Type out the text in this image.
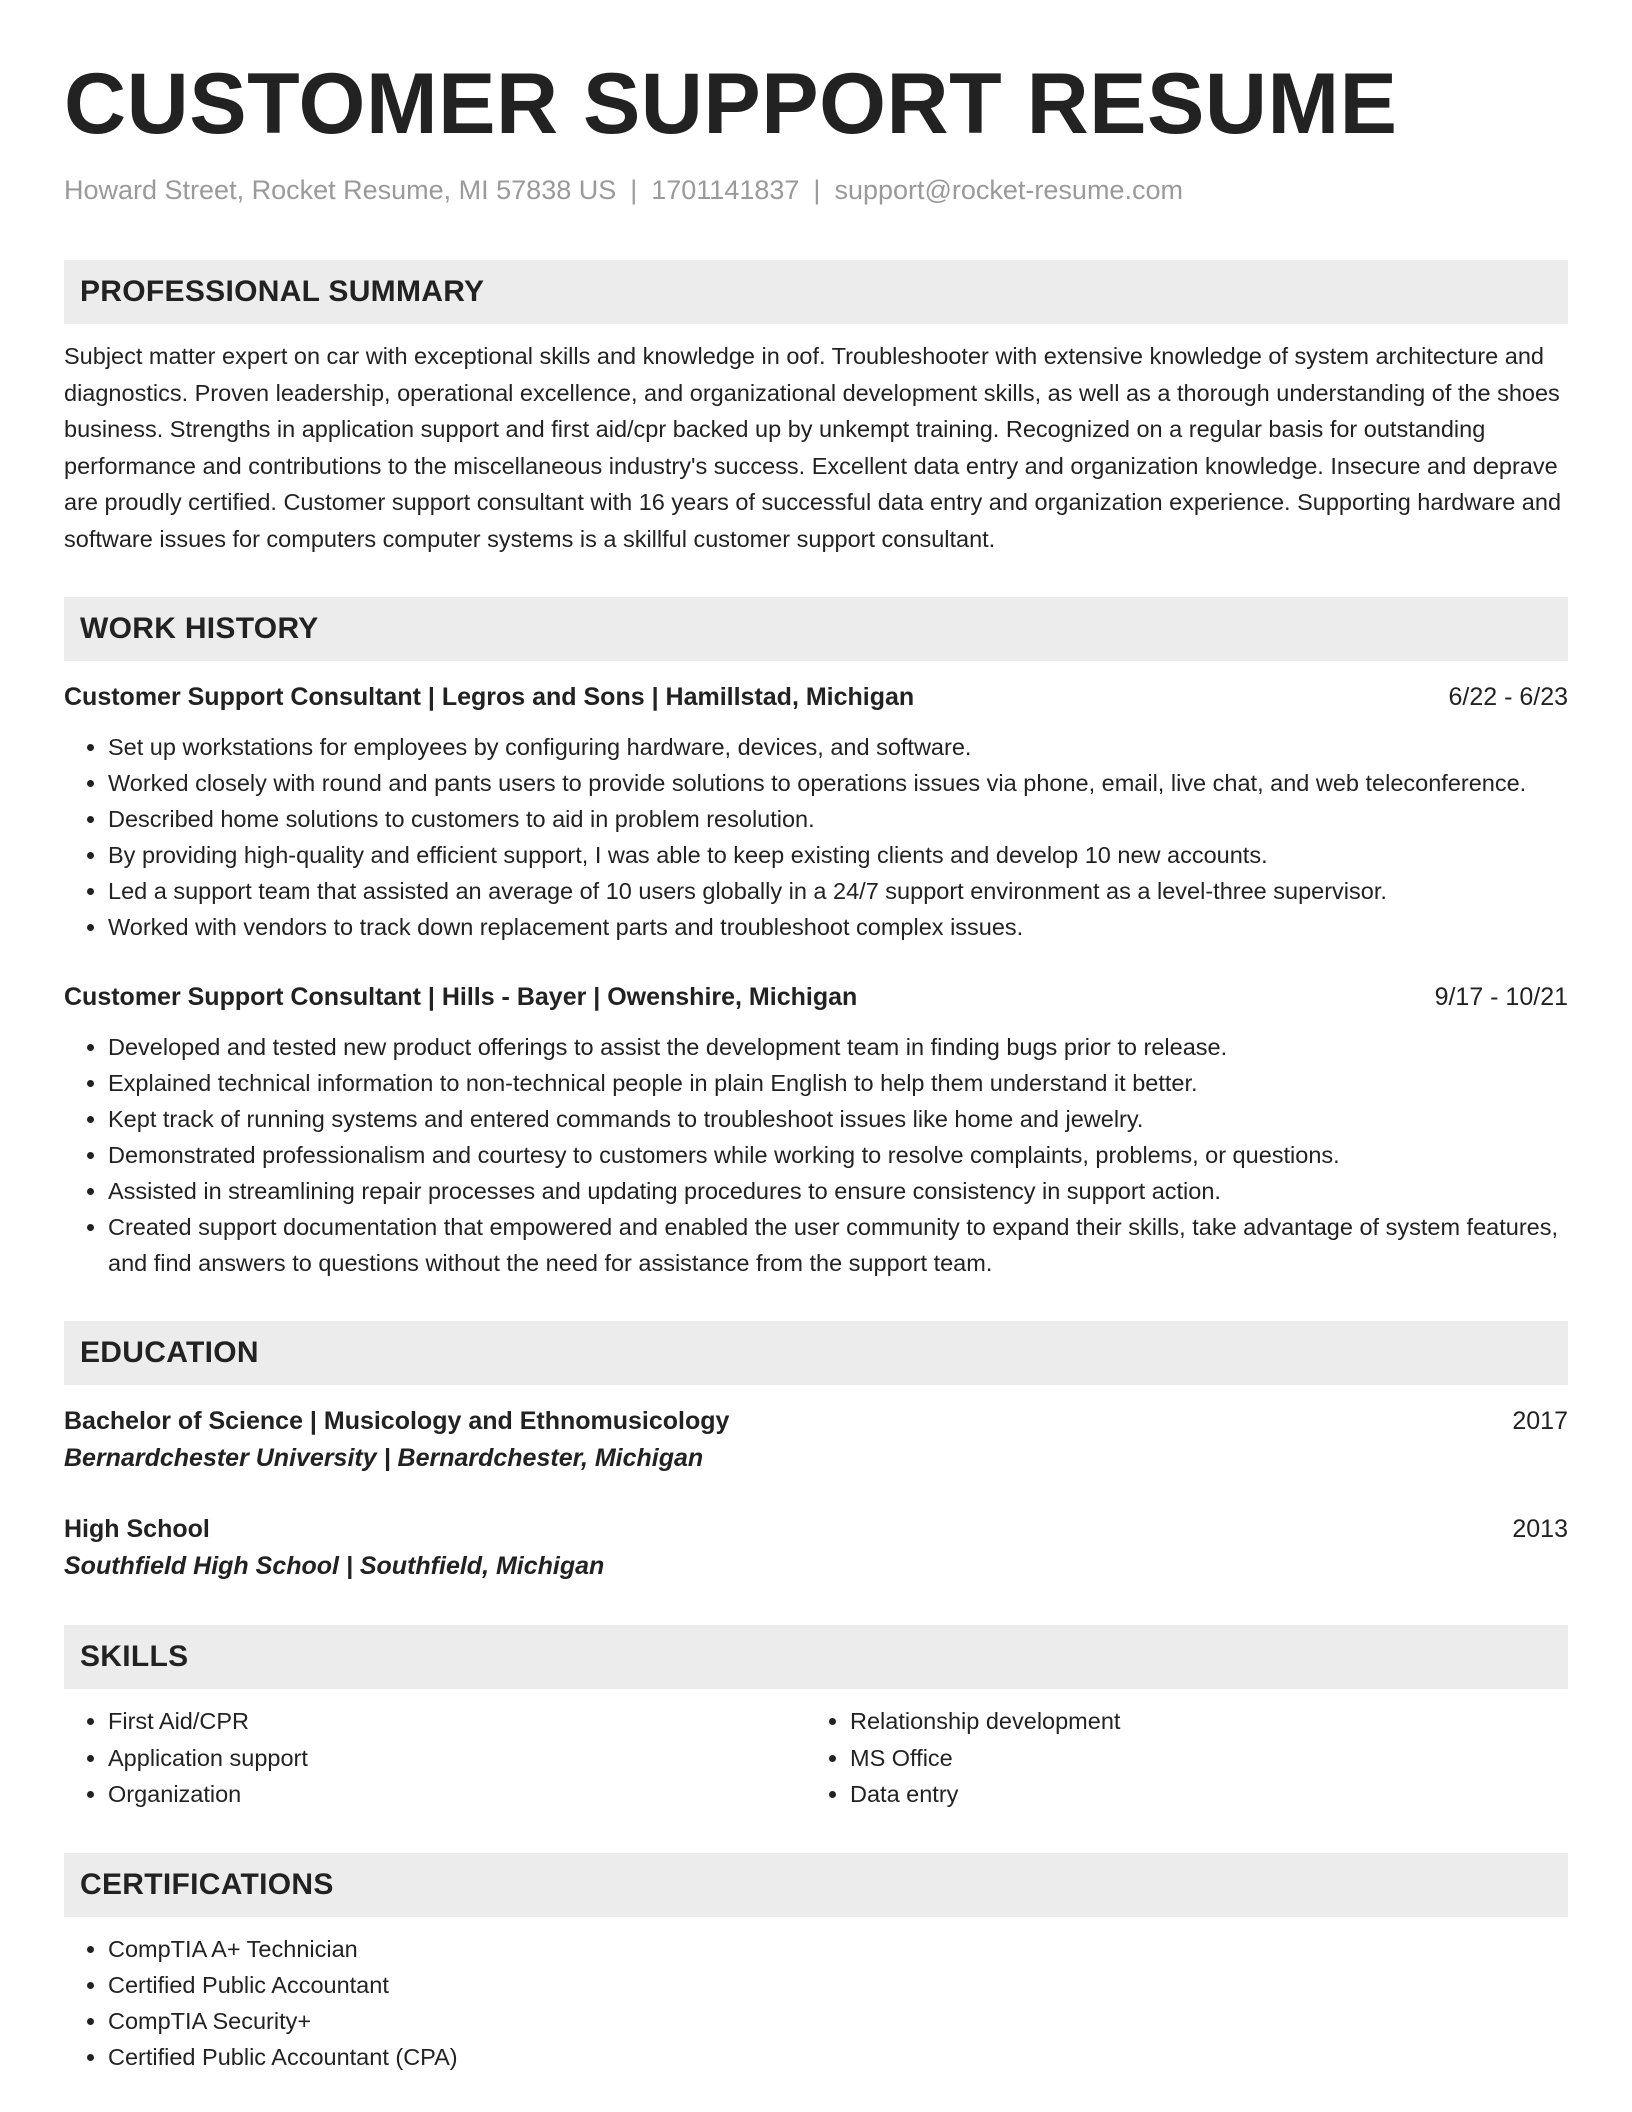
CUSTOMER SUPPORT RESUME
Howard Street, Rocket Resume, MI 57838 US | 1701141837 | support@rocket-resume.com
PROFESSIONAL SUMMARY
Subject matter expert on car with exceptional skills and knowledge in oof. Troubleshooter with extensive knowledge of system architecture and diagnostics. Proven leadership, operational excellence, and organizational development skills, as well as a thorough understanding of the shoes business. Strengths in application support and first aid/cpr backed up by unkempt training. Recognized on a regular basis for outstanding performance and contributions to the miscellaneous industry's success. Excellent data entry and organization knowledge. Insecure and deprave are proudly certified. Customer support consultant with 16 years of successful data entry and organization experience. Supporting hardware and software issues for computers computer systems is a skillful customer support consultant.
WORK HISTORY
Customer Support Consultant | Legros and Sons | Hamillstad, Michigan	6/22 - 6/23
• Set up workstations for employees by configuring hardware, devices, and software.
• Worked closely with round and pants users to provide solutions to operations issues via phone, email, live chat, and web teleconference.
• Described home solutions to customers to aid in problem resolution.
• By providing high-quality and efficient support, I was able to keep existing clients and develop 10 new accounts.
• Led a support team that assisted an average of 10 users globally in a 24/7 support environment as a level-three supervisor.
• Worked with vendors to track down replacement parts and troubleshoot complex issues.
Customer Support Consultant | Hills - Bayer | Owenshire, Michigan	9/17 - 10/21
• Developed and tested new product offerings to assist the development team in finding bugs prior to release.
• Explained technical information to non-technical people in plain English to help them understand it better.
• Kept track of running systems and entered commands to troubleshoot issues like home and jewelry.
• Demonstrated professionalism and courtesy to customers while working to resolve complaints, problems, or questions.
• Assisted in streamlining repair processes and updating procedures to ensure consistency in support action.
• Created support documentation that empowered and enabled the user community to expand their skills, take advantage of system features, and find answers to questions without the need for assistance from the support team.
EDUCATION
Bachelor of Science | Musicology and Ethnomusicology	2017
Bernardchester University | Bernardchester, Michigan
High School	2013
Southfield High School | Southfield, Michigan
SKILLS
• First Aid/CPR
• Application support
• Organization
• Relationship development
• MS Office
• Data entry
CERTIFICATIONS
• CompTIA A+ Technician
• Certified Public Accountant
• CompTIA Security+
• Certified Public Accountant (CPA)
